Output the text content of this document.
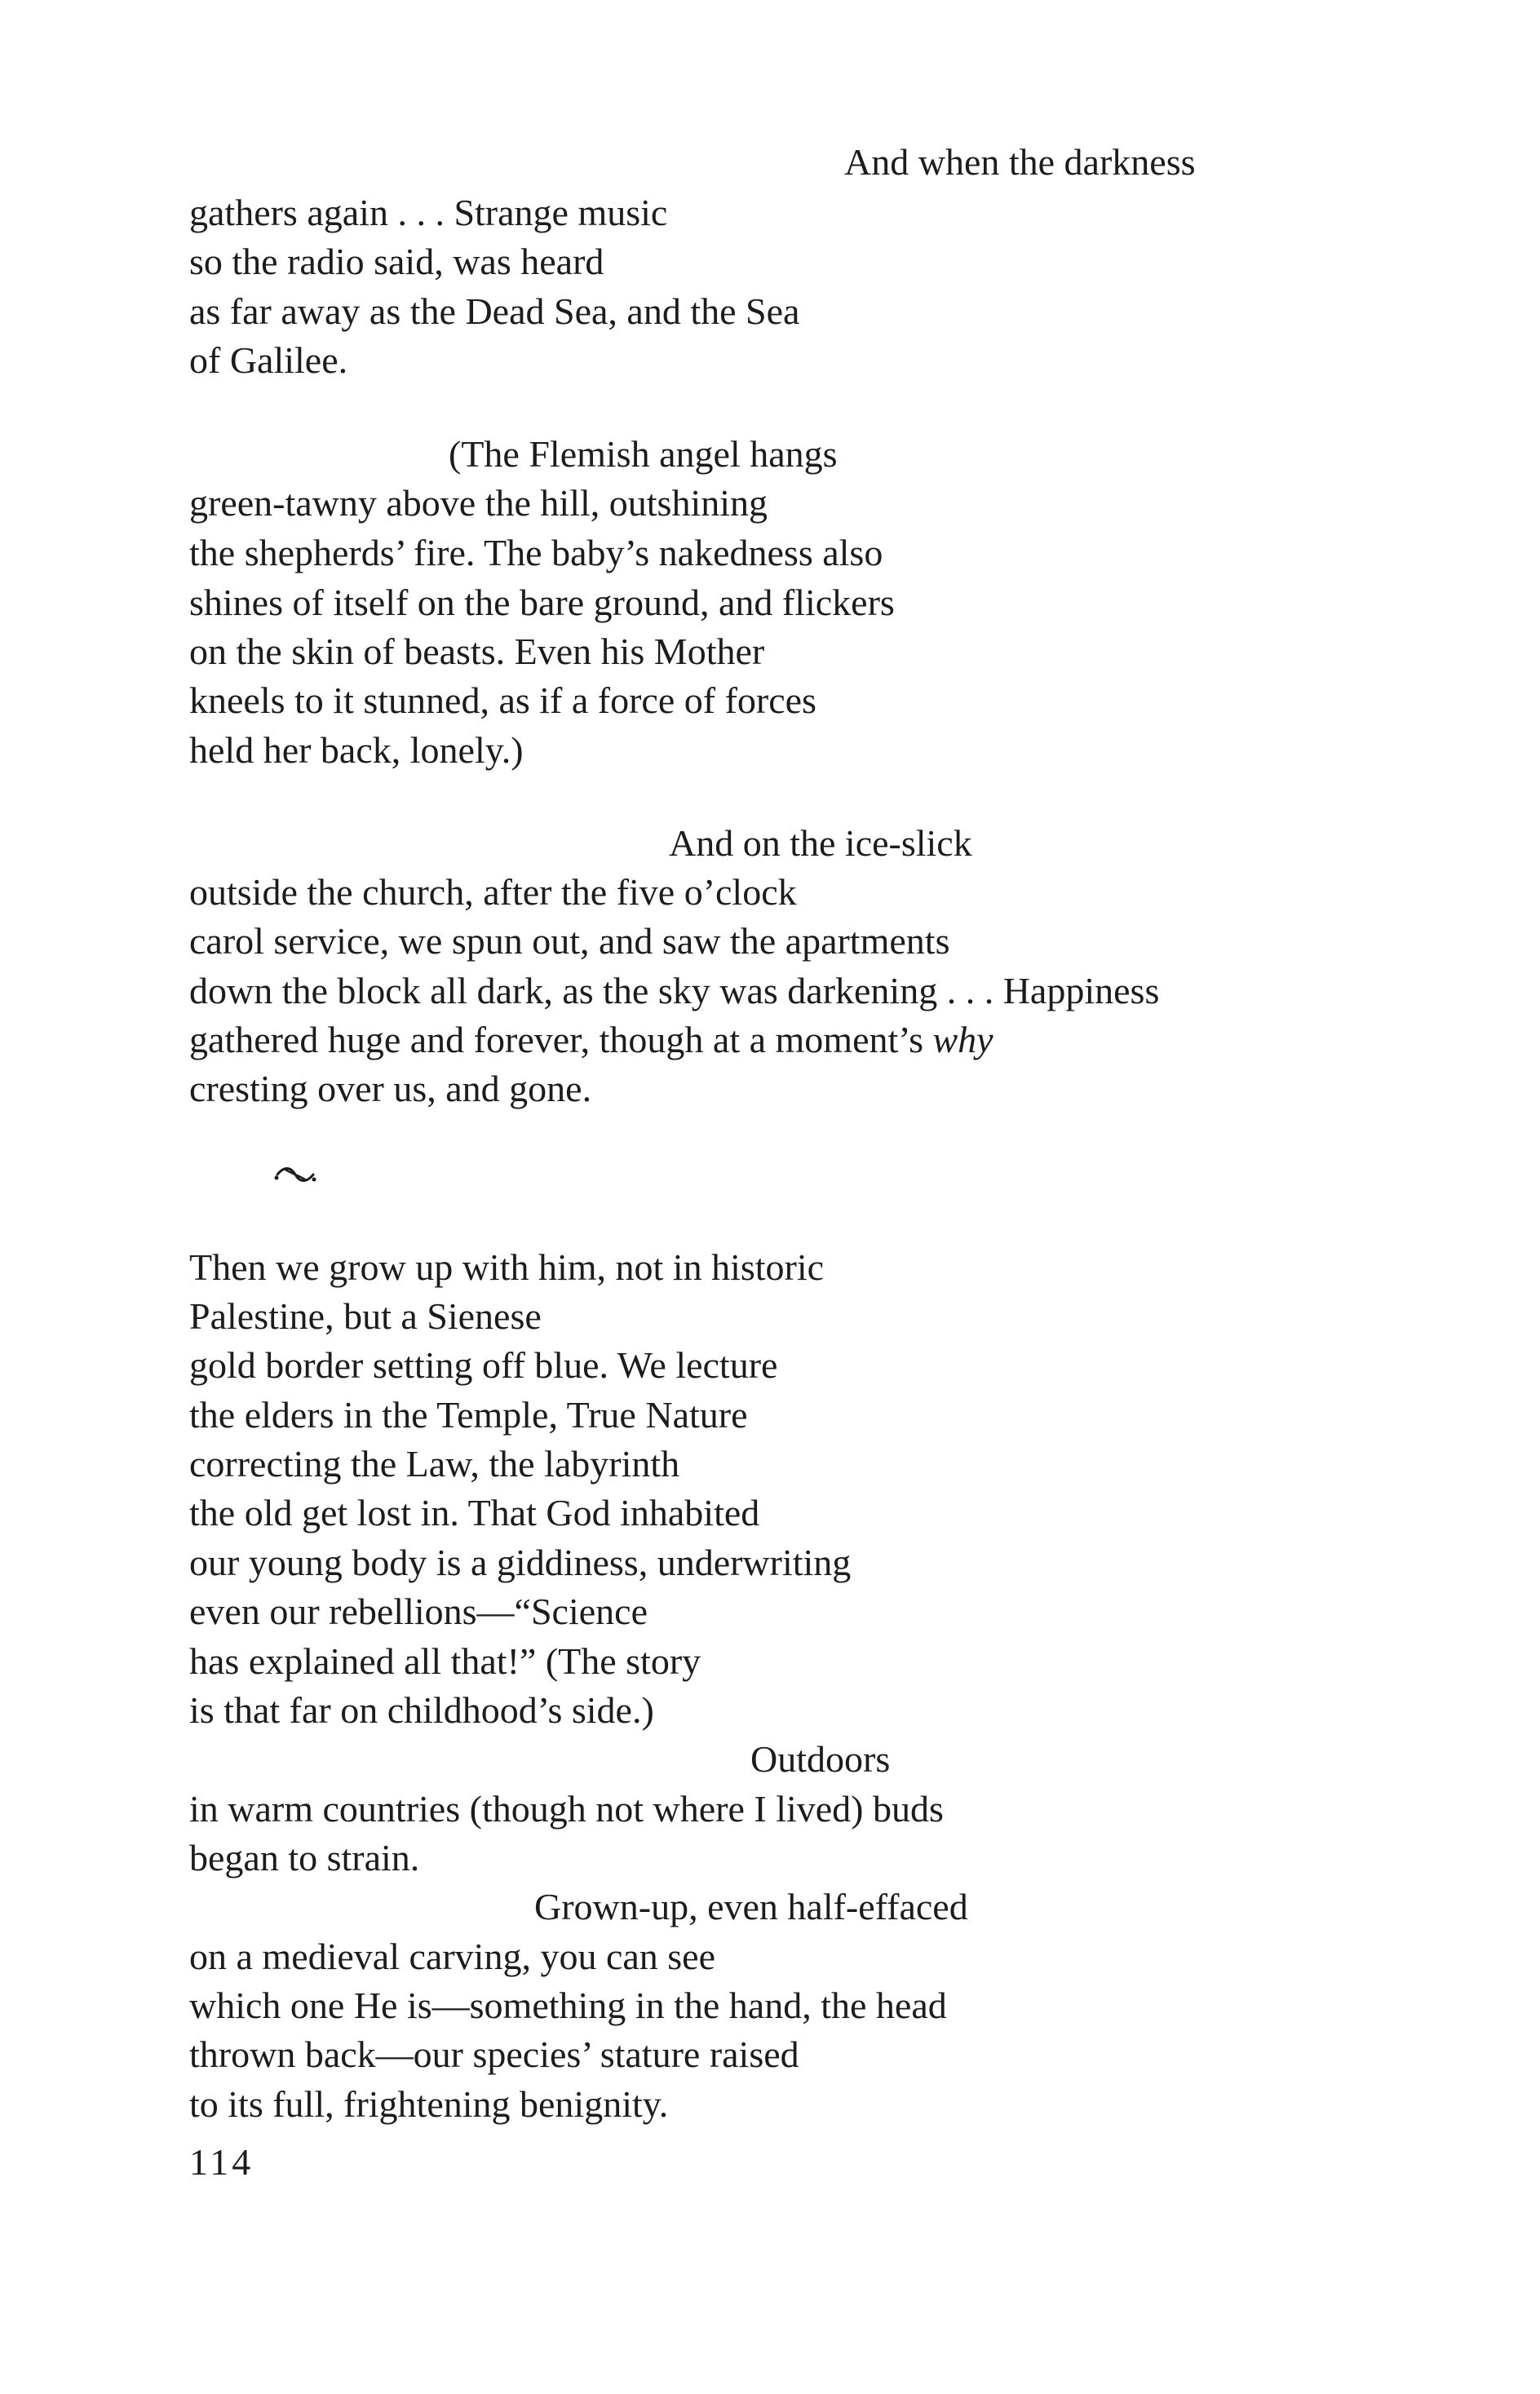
And when the darkness
gathers again . . . Strange music
so the radio said, was heard
as far away as the Dead Sea, and the Sea
of Galilee.
(The Flemish angel hangs
green-tawny above the hill, outshining
the shepherds’ fire. The baby’s nakedness also
shines of itself on the bare ground, and flickers
on the skin of beasts. Even his Mother
kneels to it stunned, as if a force of forces
held her back, lonely.)
And on the ice-slick
outside the church, after the five o’clock
carol service, we spun out, and saw the apartments
down the block all dark, as the sky was darkening . . . Happiness
gathered huge and forever, though at a moment’s why
cresting over us, and gone.
Then we grow up with him, not in historic
Palestine, but a Sienese
gold border setting off blue. We lecture
the elders in the Temple, True Nature
correcting the Law, the labyrinth
the old get lost in. That God inhabited
our young body is a giddiness, underwriting
even our rebellions—“Science
has explained all that!” (The story
is that far on childhood’s side.)
Outdoors
in warm countries (though not where I lived) buds
began to strain.
Grown-up, even half-effaced
on a medieval carving, you can see
which one He is—something in the hand, the head
thrown back—our species’ stature raised
to its full, frightening benignity.
114
